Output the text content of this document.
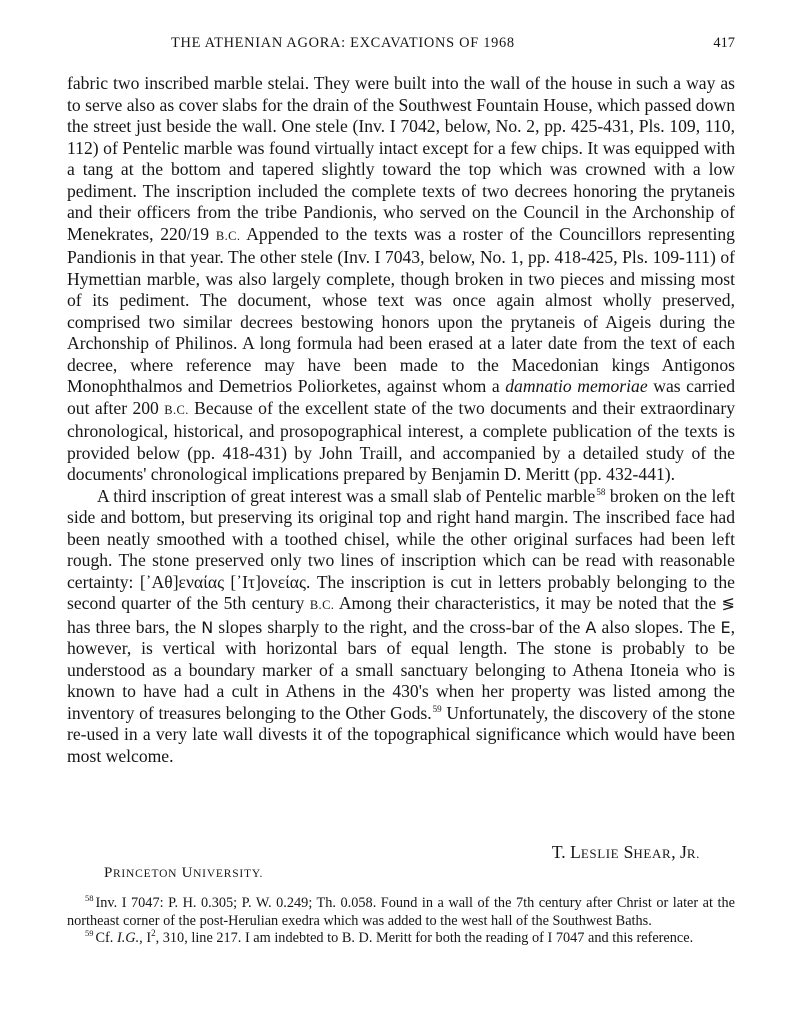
THE ATHENIAN AGORA: EXCAVATIONS OF 1968	417

fabric two inscribed marble stelai. They were built into the wall of the house in such a way as to serve also as cover slabs for the drain of the Southwest Fountain House, which passed down the street just beside the wall. One stele (Inv. I 7042, below, No. 2, pp. 425-431, Pls. 109, 110, 112) of Pentelic marble was found virtually intact except for a few chips. It was equipped with a tang at the bottom and tapered slightly toward the top which was crowned with a low pediment. The inscription included the complete texts of two decrees honoring the prytaneis and their officers from the tribe Pandionis, who served on the Council in the Archonship of Menekrates, 220/19 B.C. Appended to the texts was a roster of the Councillors representing Pandionis in that year. The other stele (Inv. I 7043, below, No. 1, pp. 418-425, Pls. 109-111) of Hymettian marble, was also largely complete, though broken in two pieces and missing most of its pediment. The document, whose text was once again almost wholly preserved, comprised two similar decrees bestowing honors upon the prytaneis of Aigeis during the Archonship of Philinos. A long formula had been erased at a later date from the text of each decree, where reference may have been made to the Macedonian kings Antigonos Monophthalmos and Demetrios Poliorketes, against whom a damnatio memoriae was carried out after 200 B.C. Because of the excellent state of the two documents and their extraordinary chronological, historical, and prosopographical interest, a complete publication of the texts is provided below (pp. 418-431) by John Traill, and accompanied by a detailed study of the documents' chronological implications prepared by Benjamin D. Meritt (pp. 432-441).

A third inscription of great interest was a small slab of Pentelic marble$^{58}$ broken on the left side and bottom, but preserving its original top and right hand margin. The inscribed face had been neatly smoothed with a toothed chisel, while the other original surfaces had been left rough. The stone preserved only two lines of inscription which can be read with reasonable certainty: [᾿Αθ]εναίας [᾿Ιτ]ονείας. The inscription is cut in letters probably belonging to the second quarter of the 5th century B.C. Among their characteristics, it may be noted that the ≶ has three bars, the N slopes sharply to the right, and the cross-bar of the A also slopes. The E, however, is vertical with horizontal bars of equal length. The stone is probably to be understood as a boundary marker of a small sanctuary belonging to Athena Itoneia who is known to have had a cult in Athens in the 430's when her property was listed among the inventory of treasures belonging to the Other Gods.$^{59}$ Unfortunately, the discovery of the stone re-used in a very late wall divests it of the topographical significance which would have been most welcome.

T. LESLIE SHEAR, JR.
PRINCETON UNIVERSITY.

$^{58}$ Inv. I 7047: P. H. 0.305; P. W. 0.249; Th. 0.058. Found in a wall of the 7th century after Christ or later at the northeast corner of the post-Herulian exedra which was added to the west hall of the Southwest Baths.

$^{59}$ Cf. I.G., $I^2$, 310, line 217. I am indebted to B. D. Meritt for both the reading of I 7047 and this reference.
